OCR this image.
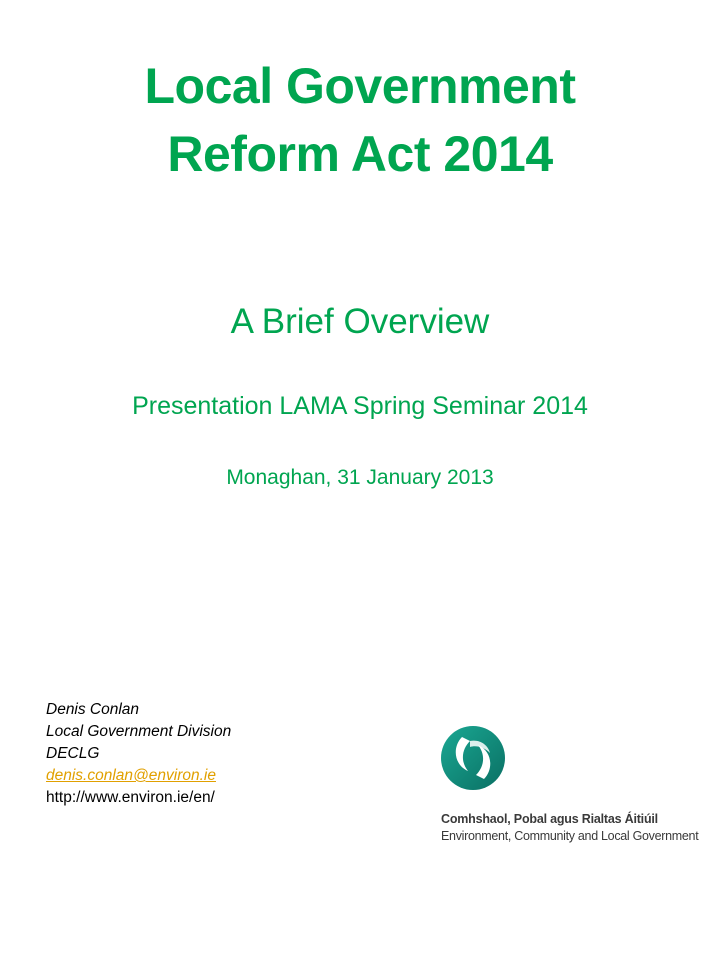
Local Government
Reform Act 2014
A Brief Overview
Presentation LAMA Spring Seminar 2014
Monaghan, 31 January 2013
Denis Conlan
Local Government Division
DECLG
denis.conlan@environ.ie
http://www.environ.ie/en/
Comhshaol, Pobal agus Rialtas Áitiúil
Environment, Community and Local Government
